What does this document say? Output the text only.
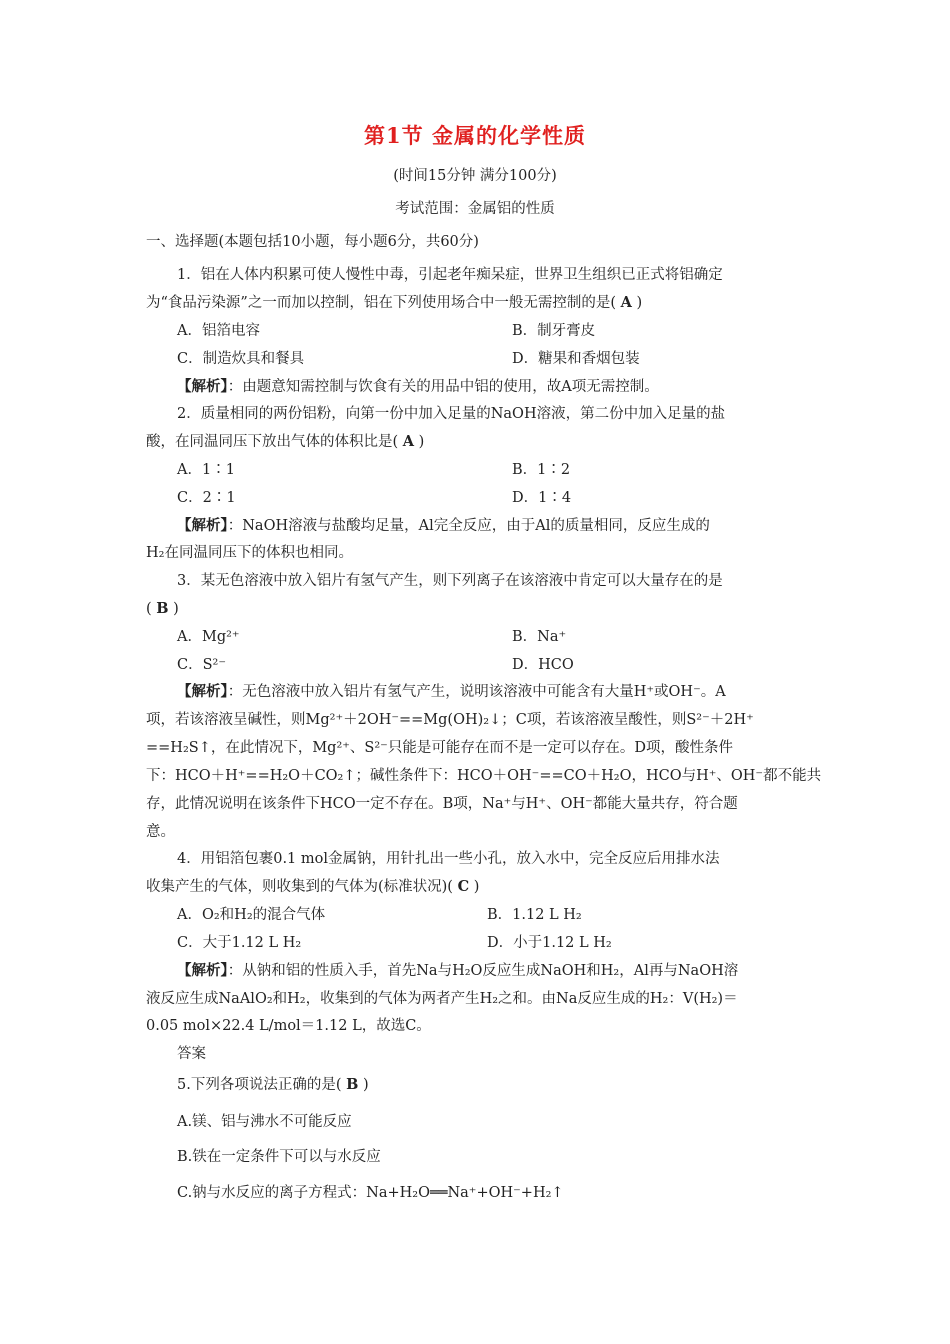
第1节 金属的化学性质
(时间15分钟 满分100分)
考试范围：金属铝的性质
一、选择题(本题包括10小题，每小题6分，共60分)
1．铝在人体内积累可使人慢性中毒，引起老年痴呆症，世界卫生组织已正式将铝确定
为“食品污染源”之一而加以控制，铝在下列使用场合中一般无需控制的是( A )
A．铝箔电容	B．制牙膏皮
C．制造炊具和餐具	D．糖果和香烟包装
【解析】：由题意知需控制与饮食有关的用品中铝的使用，故A项无需控制。
2．质量相同的两份铝粉，向第一份中加入足量的NaOH溶液，第二份中加入足量的盐
酸，在同温同压下放出气体的体积比是( A )
A．1∶1	B．1∶2
C．2∶1	D．1∶4
【解析】：NaOH溶液与盐酸均足量，Al完全反应，由于Al的质量相同，反应生成的
H₂在同温同压下的体积也相同。
3．某无色溶液中放入铝片有氢气产生，则下列离子在该溶液中肯定可以大量存在的是
( B )
A．Mg²⁺	B．Na⁺
C．S²⁻	D．HCO
【解析】：无色溶液中放入铝片有氢气产生，说明该溶液中可能含有大量H⁺或OH⁻。A
项，若该溶液呈碱性，则Mg²⁺＋2OH⁻==Mg(OH)₂↓；C项，若该溶液呈酸性，则S²⁻＋2H⁺
==H₂S↑，在此情况下，Mg²⁺、S²⁻只能是可能存在而不是一定可以存在。D项，酸性条件
下：HCO＋H⁺==H₂O＋CO₂↑；碱性条件下：HCO＋OH⁻==CO＋H₂O，HCO与H⁺、OH⁻都不能共
存，此情况说明在该条件下HCO一定不存在。B项，Na⁺与H⁺、OH⁻都能大量共存，符合题
意。
4．用铝箔包裹0.1 mol金属钠，用针扎出一些小孔，放入水中，完全反应后用排水法
收集产生的气体，则收集到的气体为(标准状况)( C )
A．O₂和H₂的混合气体	B．1.12 L H₂
C．大于1.12 L H₂	D．小于1.12 L H₂
【解析】：从钠和铝的性质入手，首先Na与H₂O反应生成NaOH和H₂，Al再与NaOH溶
液反应生成NaAlO₂和H₂，收集到的气体为两者产生H₂之和。由Na反应生成的H₂：V(H₂)＝
0.05 mol×22.4 L/mol＝1.12 L，故选C。
答案
5.下列各项说法正确的是( B )
A.镁、铝与沸水不可能反应
B.铁在一定条件下可以与水反应
C.钠与水反应的离子方程式：Na+H₂O══Na⁺+OH⁻+H₂↑
